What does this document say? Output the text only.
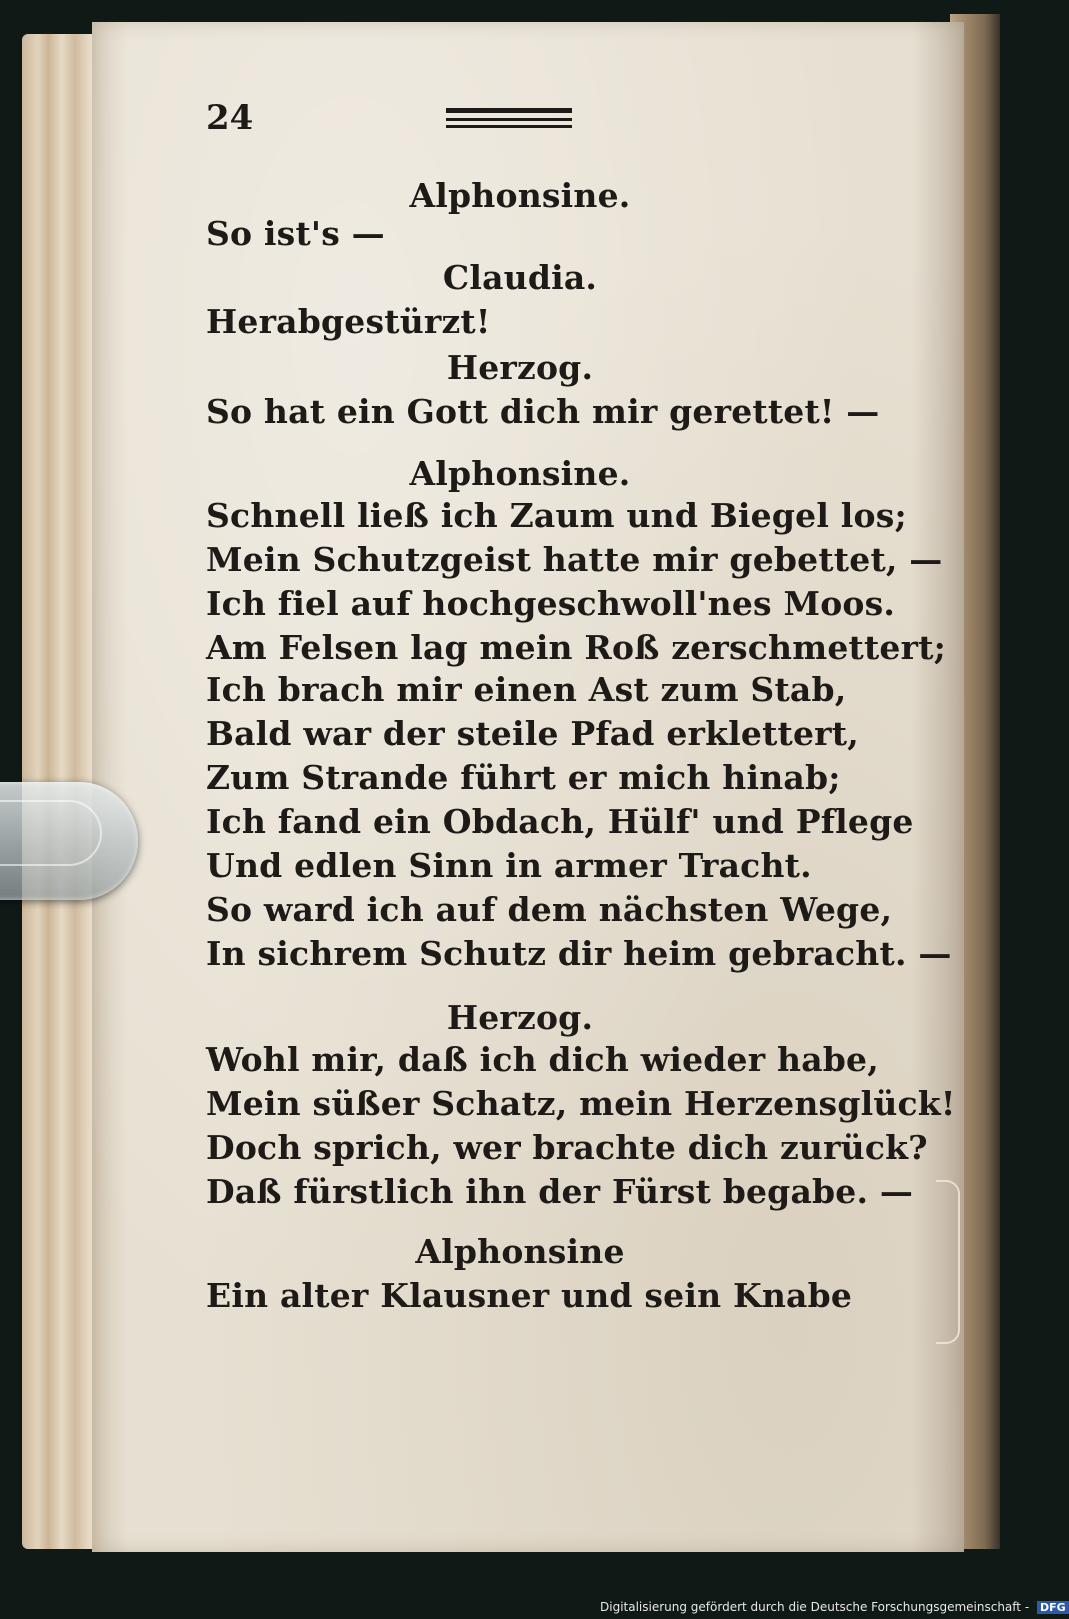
24
Alphonsine.
So ist's —
Claudia.
Herabgestürzt!
Herzog.
So hat ein Gott dich mir gerettet! —
Alphonsine.
Schnell ließ ich Zaum und Biegel los;
Mein Schutzgeist hatte mir gebettet, —
Ich fiel auf hochgeschwoll'nes Moos.
Am Felsen lag mein Roß zerschmettert;
Ich brach mir einen Ast zum Stab,
Bald war der steile Pfad erklettert,
Zum Strande führt er mich hinab;
Ich fand ein Obdach, Hülf' und Pflege
Und edlen Sinn in armer Tracht.
So ward ich auf dem nächsten Wege,
In sichrem Schutz dir heim gebracht. —
Herzog.
Wohl mir, daß ich dich wieder habe,
Mein süßer Schatz, mein Herzensglück!
Doch sprich, wer brachte dich zurück?
Daß fürstlich ihn der Fürst begabe. —
Alphonsine
Ein alter Klausner und sein Knabe
Digitalisierung gefördert durch die Deutsche Forschungsgemeinschaft - DFG
